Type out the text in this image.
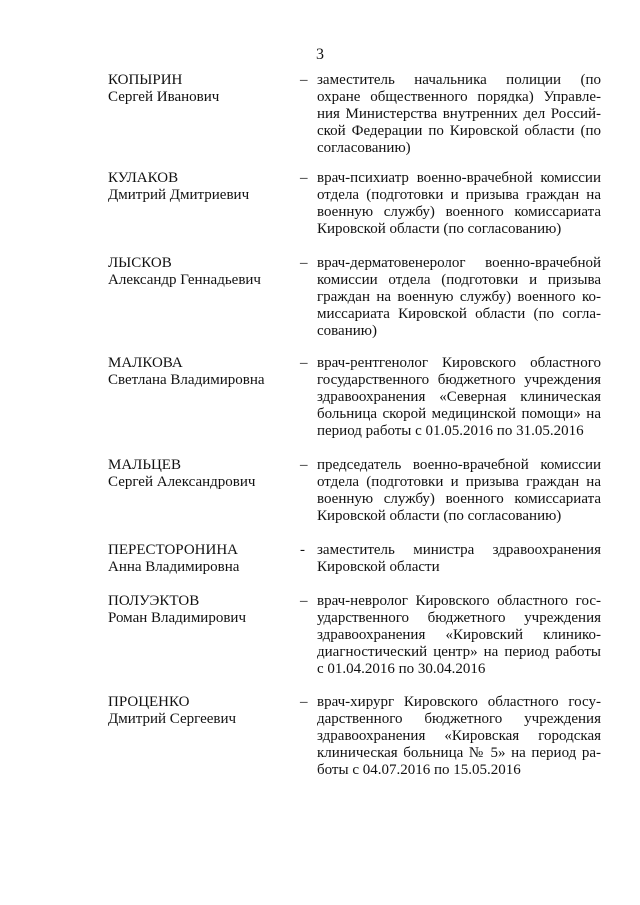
3
КОПЫРИН
Сергей Иванович
– заместитель начальника полиции (по
охране общественного порядка) Управле-
ния Министерства внутренних дел Россий-
ской Федерации по Кировской области (по
согласованию)
КУЛАКОВ
Дмитрий Дмитриевич
– врач-психиатр военно-врачебной комиссии
отдела (подготовки и призыва граждан на
военную службу) военного комиссариата
Кировской области (по согласованию)
ЛЫСКОВ
Александр Геннадьевич
– врач-дерматовенеролог военно-врачебной
комиссии отдела (подготовки и призыва
граждан на военную службу) военного ко-
миссариата Кировской области (по согла-
сованию)
МАЛКОВА
Светлана Владимировна
– врач-рентгенолог Кировского областного
государственного бюджетного учреждения
здравоохранения «Северная клиническая
больница скорой медицинской помощи» на
период работы с 01.05.2016 по 31.05.2016
МАЛЬЦЕВ
Сергей Александрович
– председатель военно-врачебной комиссии
отдела (подготовки и призыва граждан на
военную службу) военного комиссариата
Кировской области (по согласованию)
ПЕРЕСТОРОНИНА
Анна Владимировна
- заместитель министра здравоохранения
Кировской области
ПОЛУЭКТОВ
Роман Владимирович
– врач-невролог Кировского областного гос-
ударственного бюджетного учреждения
здравоохранения «Кировский клинико-
диагностический центр» на период работы
с 01.04.2016 по 30.04.2016
ПРОЦЕНКО
Дмитрий Сергеевич
– врач-хирург Кировского областного госу-
дарственного бюджетного учреждения
здравоохранения «Кировская городская
клиническая больница № 5» на период ра-
боты с 04.07.2016 по 15.05.2016
